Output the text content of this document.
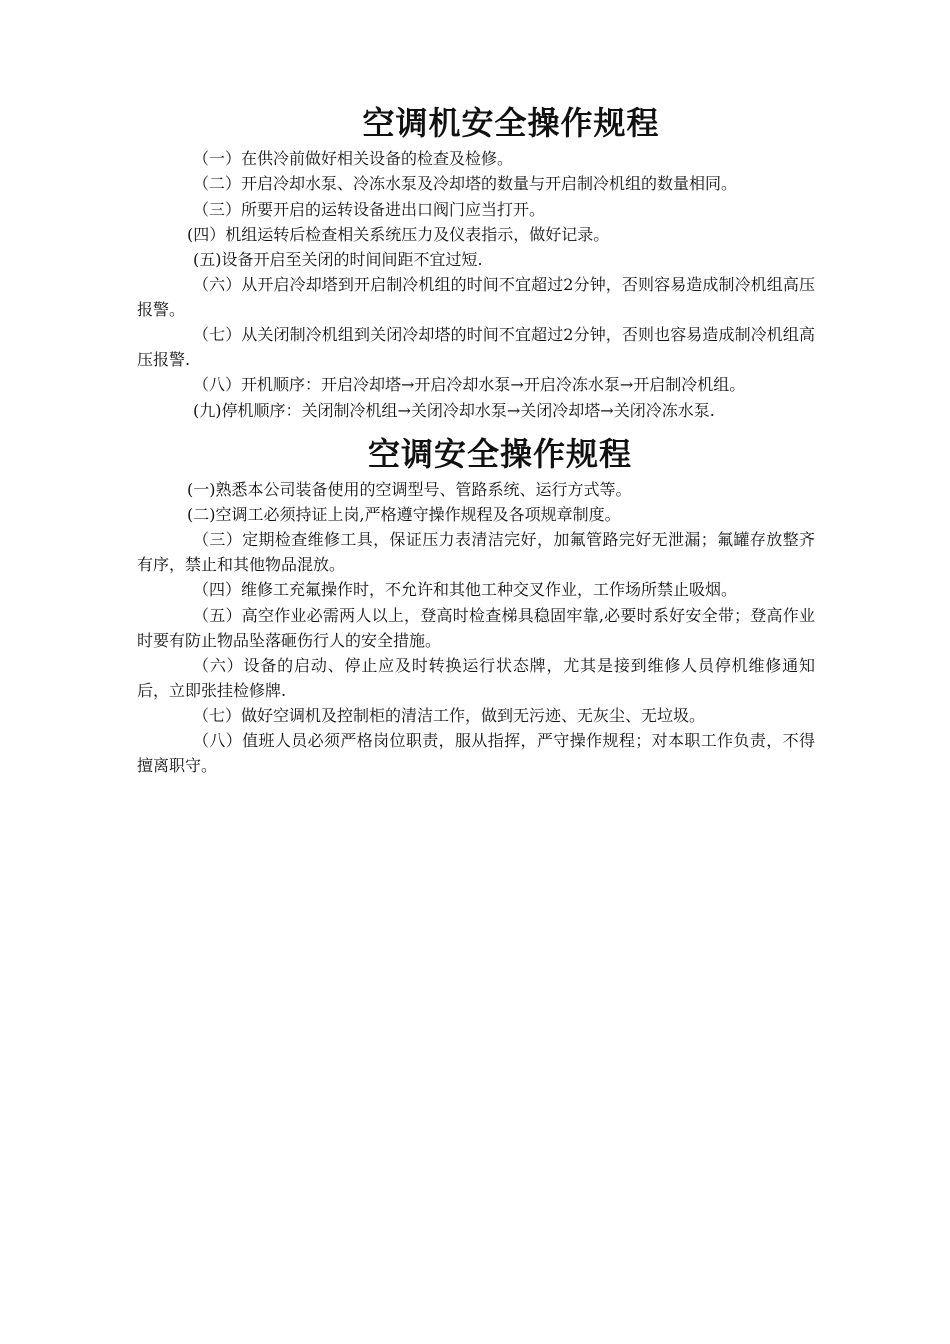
空调机安全操作规程

（一）在供冷前做好相关设备的检查及检修。

（二）开启冷却水泵、冷冻水泵及冷却塔的数量与开启制冷机组的数量相同。

（三）所要开启的运转设备进出口阀门应当打开。

(四）机组运转后检查相关系统压力及仪表指示，做好记录。

(五)设备开启至关闭的时间间距不宜过短.

（六）从开启冷却塔到开启制冷机组的时间不宜超过2分钟，否则容易造成制冷机组高压报警。

（七）从关闭制冷机组到关闭冷却塔的时间不宜超过2分钟，否则也容易造成制冷机组高压报警.

（八）开机顺序：开启冷却塔→开启冷却水泵→开启冷冻水泵→开启制冷机组。

(九)停机顺序：关闭制冷机组→关闭冷却水泵→关闭冷却塔→关闭冷冻水泵.

空调安全操作规程

(一)熟悉本公司装备使用的空调型号、管路系统、运行方式等。

(二)空调工必须持证上岗,严格遵守操作规程及各项规章制度。

（三）定期检查维修工具，保证压力表清洁完好，加氟管路完好无泄漏；氟罐存放整齐有序，禁止和其他物品混放。

（四）维修工充氟操作时，不允许和其他工种交叉作业，工作场所禁止吸烟。

（五）高空作业必需两人以上，登高时检查梯具稳固牢靠,必要时系好安全带；登高作业时要有防止物品坠落砸伤行人的安全措施。

（六）设备的启动、停止应及时转换运行状态牌，尤其是接到维修人员停机维修通知后，立即张挂检修牌.

（七）做好空调机及控制柜的清洁工作，做到无污迹、无灰尘、无垃圾。

（八）值班人员必须严格岗位职责，服从指挥，严守操作规程；对本职工作负责，不得擅离职守。
